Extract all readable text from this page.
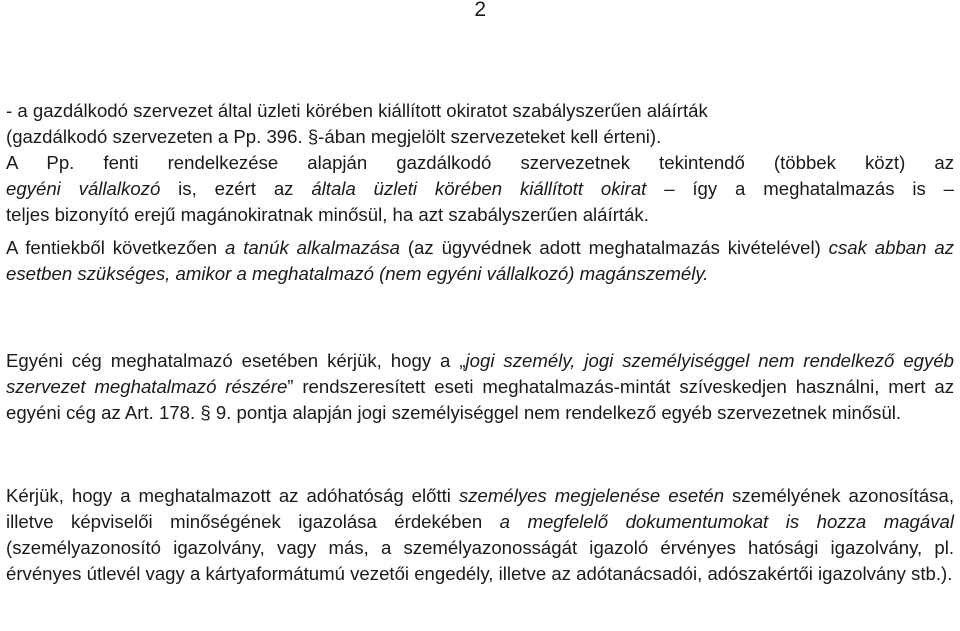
2
- a gazdálkodó szervezet által üzleti körében kiállított okiratot szabályszerűen aláírták
(gazdálkodó szervezeten a Pp. 396. §-ában megjelölt szervezeteket kell érteni).
A Pp. fenti rendelkezése alapján gazdálkodó szervezetnek tekintendő (többek közt) az
egyéni vállalkozó is, ezért az általa üzleti körében kiállított okirat – így a meghatalmazás is –
teljes bizonyító erejű magánokiratnak minősül, ha azt szabályszerűen aláírták.

A fentiekből következően a tanúk alkalmazása (az ügyvédnek adott meghatalmazás kivételével) csak abban az esetben szükséges, amikor a meghatalmazó (nem egyéni vállalkozó) magánszemély.

Egyéni cég meghatalmazó esetében kérjük, hogy a „jogi személy, jogi személyiséggel nem rendelkező egyéb szervezet meghatalmazó részére” rendszeresített eseti meghatalmazás-mintát szíveskedjen használni, mert az egyéni cég az Art. 178. § 9. pontja alapján jogi személyiséggel nem rendelkező egyéb szervezetnek minősül.

Kérjük, hogy a meghatalmazott az adóhatóság előtti személyes megjelenése esetén személyének azonosítása, illetve képviselői minőségének igazolása érdekében a megfelelő dokumentumokat is hozza magával (személyazonosító igazolvány, vagy más, a személyazonosságát igazoló érvényes hatósági igazolvány, pl. érvényes útlevél vagy a kártyaformátumú vezetői engedély, illetve az adótanácsadói, adószakértői igazolvány stb.).
